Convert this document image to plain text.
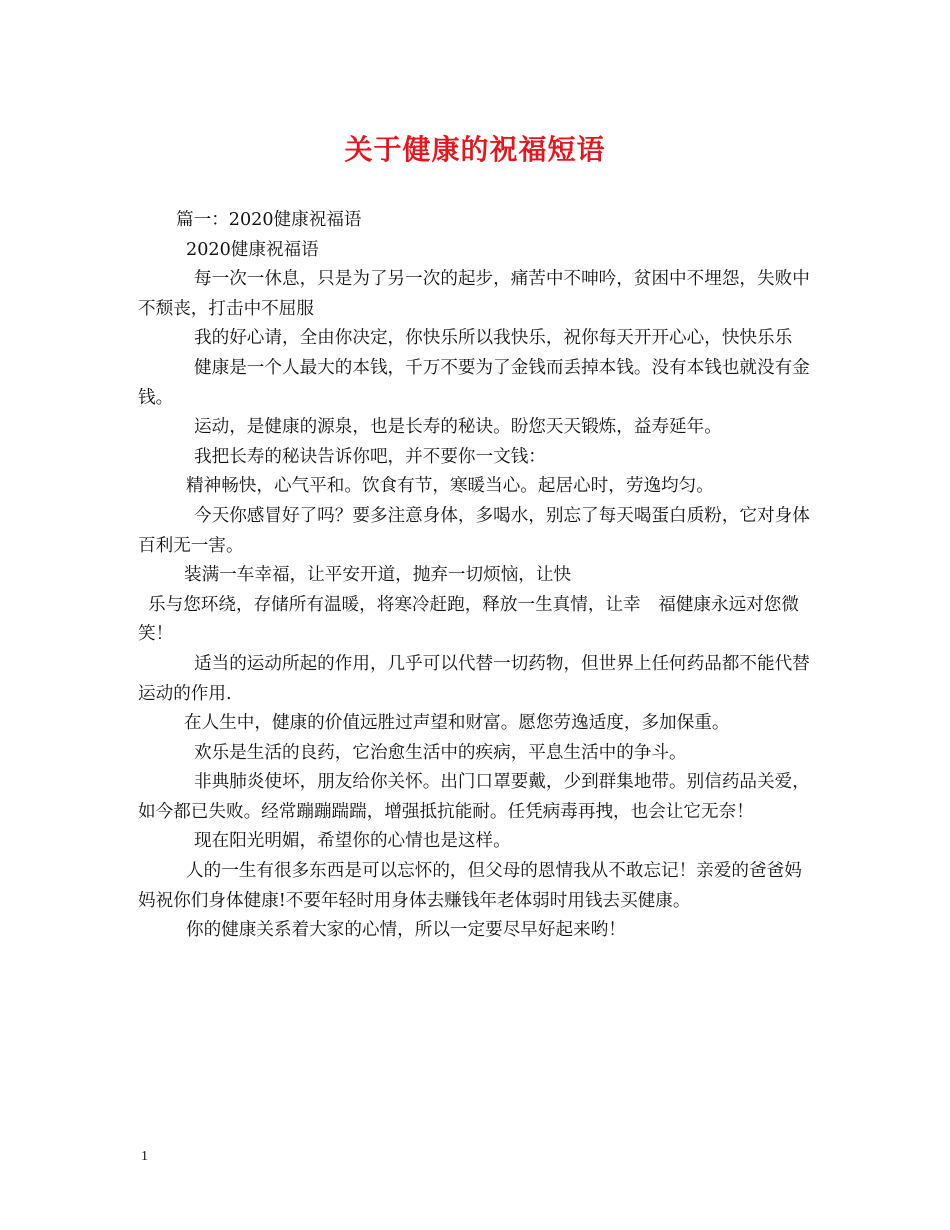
关于健康的祝福短语

篇一：2020健康祝福语

2020健康祝福语

每一次一休息，只是为了另一次的起步，痛苦中不呻吟，贫困中不埋怨，失败中不颓丧，打击中不屈服

我的好心请，全由你决定，你快乐所以我快乐，祝你每天开开心心，快快乐乐

健康是一个人最大的本钱，千万不要为了金钱而丢掉本钱。没有本钱也就没有金钱。

运动，是健康的源泉，也是长寿的秘诀。盼您天天锻炼，益寿延年。

我把长寿的秘诀告诉你吧，并不要你一文钱：

精神畅快，心气平和。饮食有节，寒暖当心。起居心时，劳逸均匀。

今天你感冒好了吗？要多注意身体，多喝水，别忘了每天喝蛋白质粉，它对身体百利无一害。

装满一车幸福，让平安开道，抛弃一切烦恼，让快

乐与您环绕，存储所有温暖，将寒冷赶跑，释放一生真情，让幸　福健康永远对您微笑！

适当的运动所起的作用，几乎可以代替一切药物，但世界上任何药品都不能代替运动的作用.

在人生中，健康的价值远胜过声望和财富。愿您劳逸适度，多加保重。

欢乐是生活的良药，它治愈生活中的疾病，平息生活中的争斗。

非典肺炎使坏，朋友给你关怀。出门口罩要戴，少到群集地带。别信药品关爱，如今都已失败。经常蹦蹦踹踹，增强抵抗能耐。任凭病毒再拽，也会让它无奈！

现在阳光明媚，希望你的心情也是这样。

人的一生有很多东西是可以忘怀的，但父母的恩情我从不敢忘记！亲爱的爸爸妈妈祝你们身体健康!不要年轻时用身体去赚钱年老体弱时用钱去买健康。

你的健康关系着大家的心情，所以一定要尽早好起来哟！

1
